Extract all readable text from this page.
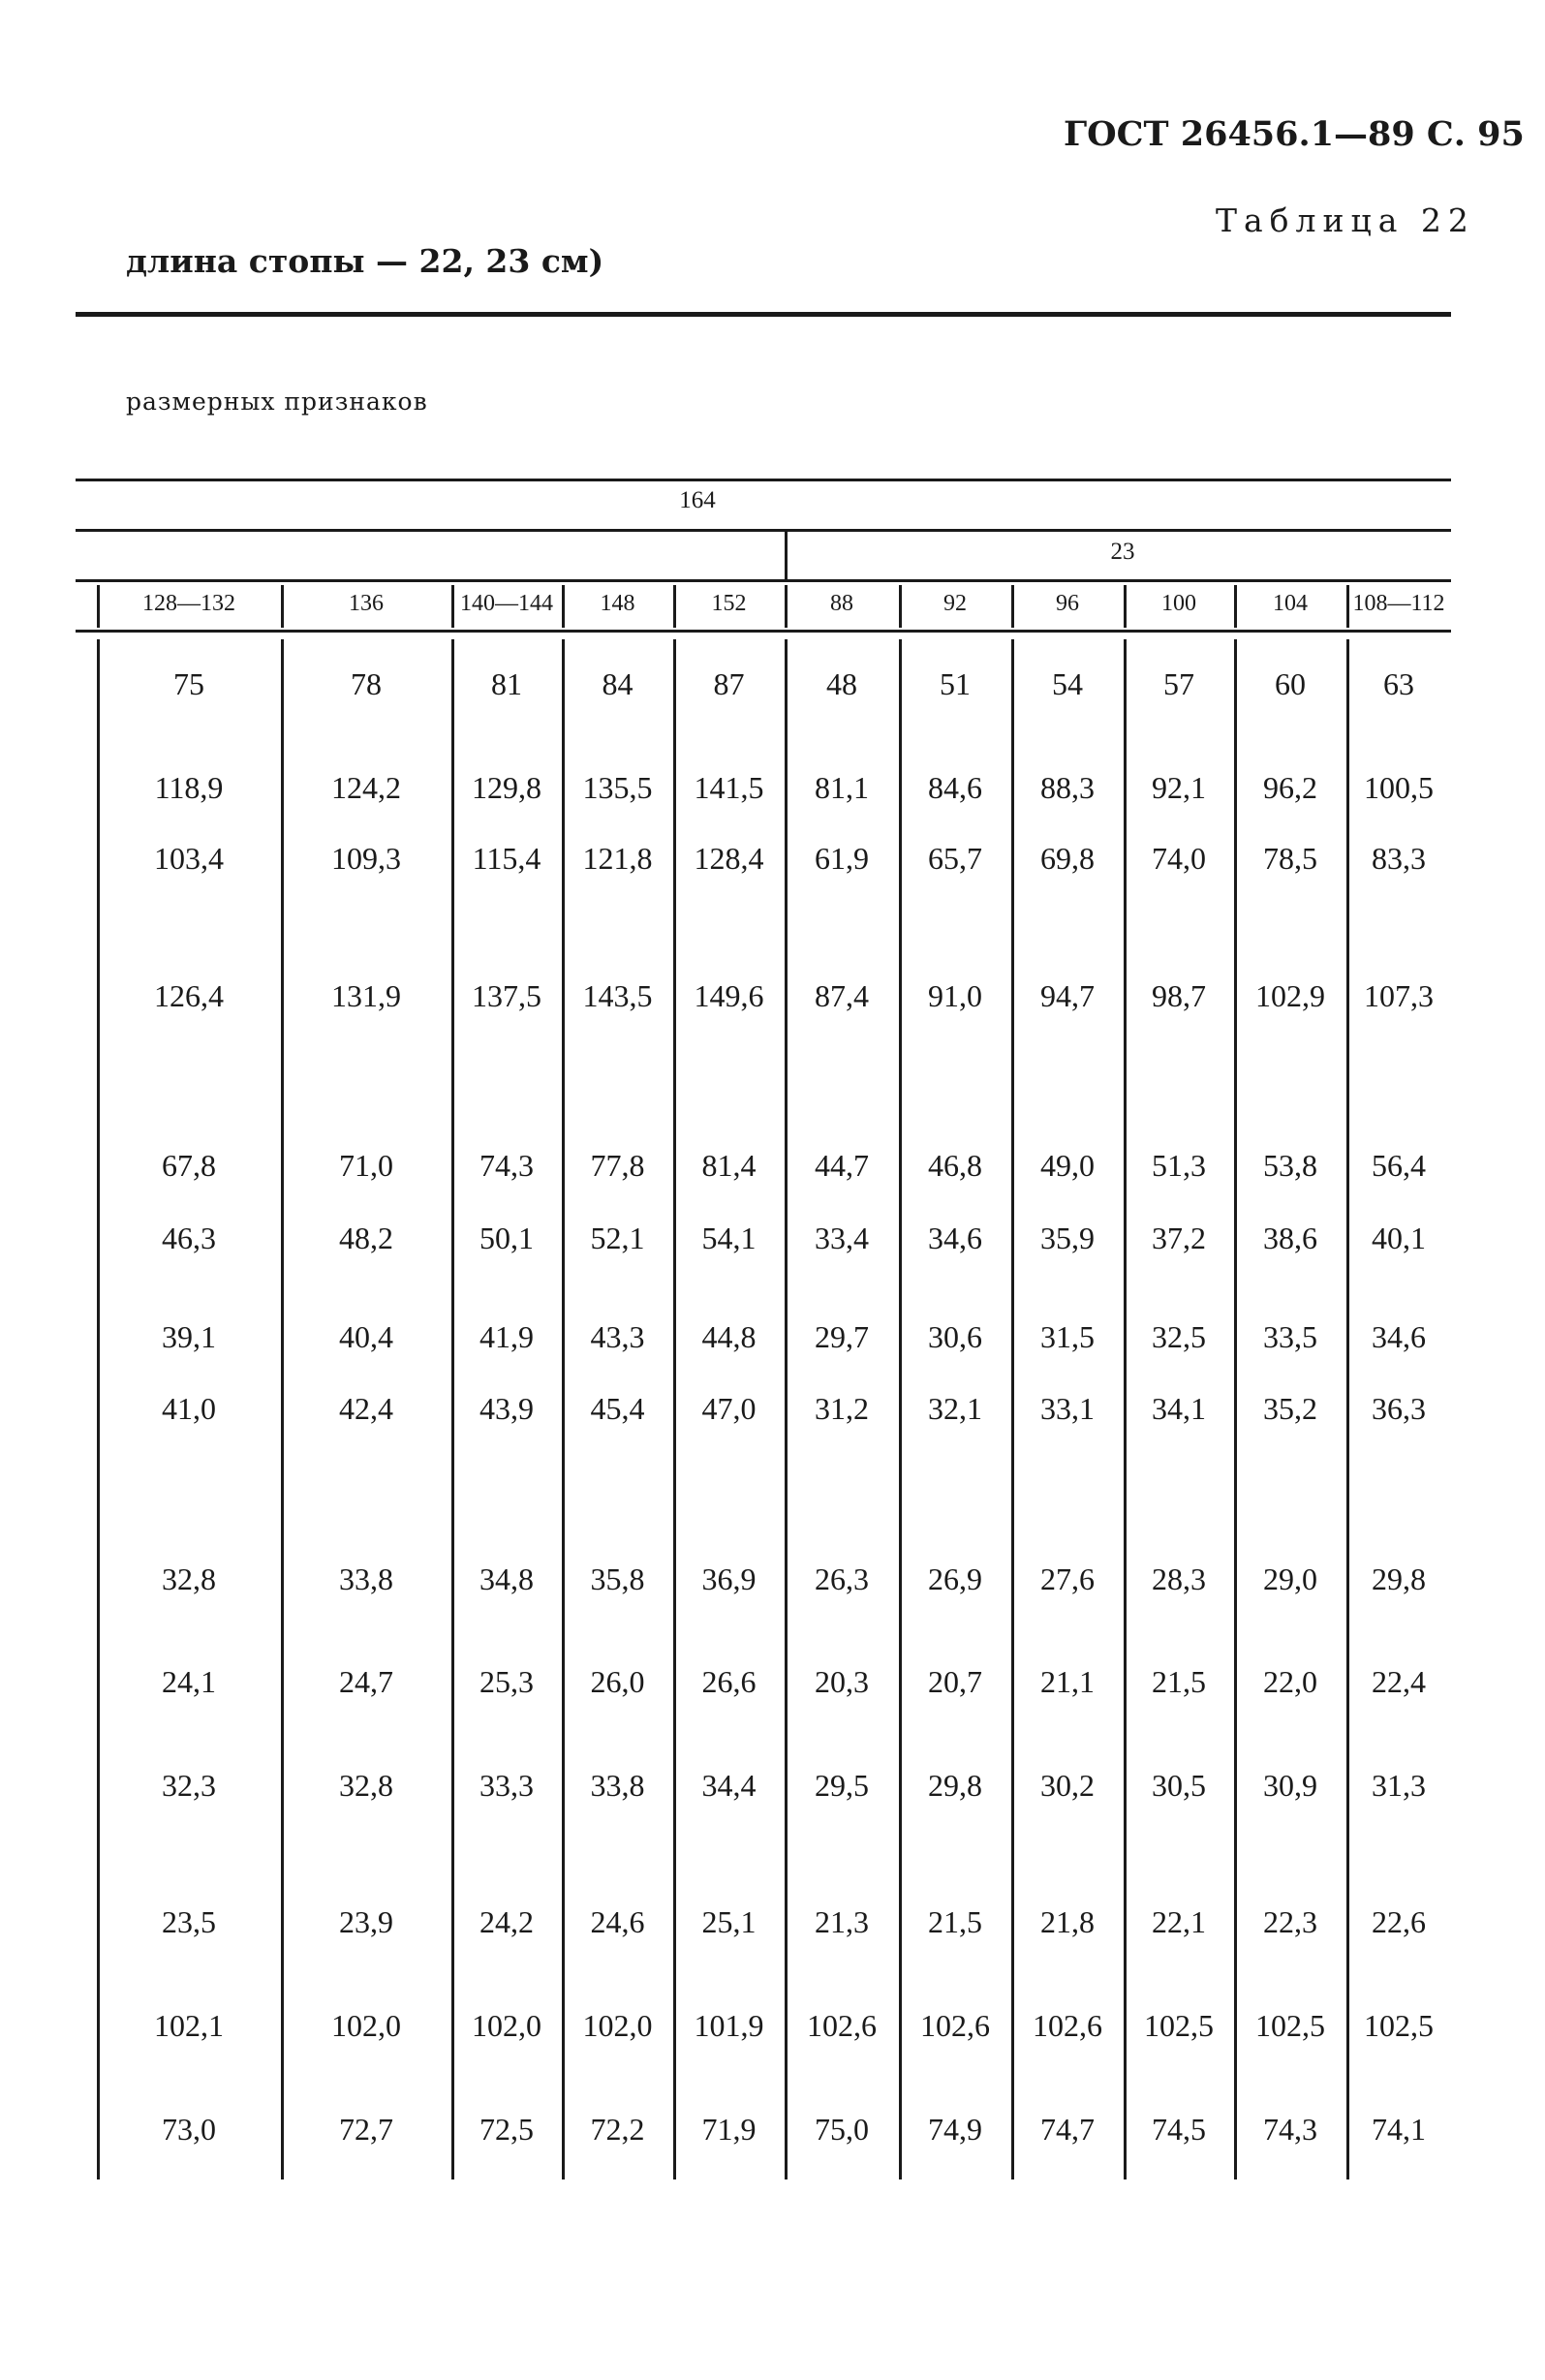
ГОСТ 26456.1—89 С. 95
Таблица 22
длина стопы — 22, 23 см)
размерных признаков
164
23
128—132	136	140—144	148	152	88	92	96	100	104	108—112
75	78	81	84	87	48	51	54	57	60	63
118,9	124,2	129,8	135,5	141,5	81,1	84,6	88,3	92,1	96,2	100,5
103,4	109,3	115,4	121,8	128,4	61,9	65,7	69,8	74,0	78,5	83,3
126,4	131,9	137,5	143,5	149,6	87,4	91,0	94,7	98,7	102,9	107,3
67,8	71,0	74,3	77,8	81,4	44,7	46,8	49,0	51,3	53,8	56,4
46,3	48,2	50,1	52,1	54,1	33,4	34,6	35,9	37,2	38,6	40,1
39,1	40,4	41,9	43,3	44,8	29,7	30,6	31,5	32,5	33,5	34,6
41,0	42,4	43,9	45,4	47,0	31,2	32,1	33,1	34,1	35,2	36,3
32,8	33,8	34,8	35,8	36,9	26,3	26,9	27,6	28,3	29,0	29,8
24,1	24,7	25,3	26,0	26,6	20,3	20,7	21,1	21,5	22,0	22,4
32,3	32,8	33,3	33,8	34,4	29,5	29,8	30,2	30,5	30,9	31,3
23,5	23,9	24,2	24,6	25,1	21,3	21,5	21,8	22,1	22,3	22,6
102,1	102,0	102,0	102,0	101,9	102,6	102,6	102,6	102,5	102,5	102,5
73,0	72,7	72,5	72,2	71,9	75,0	74,9	74,7	74,5	74,3	74,1
